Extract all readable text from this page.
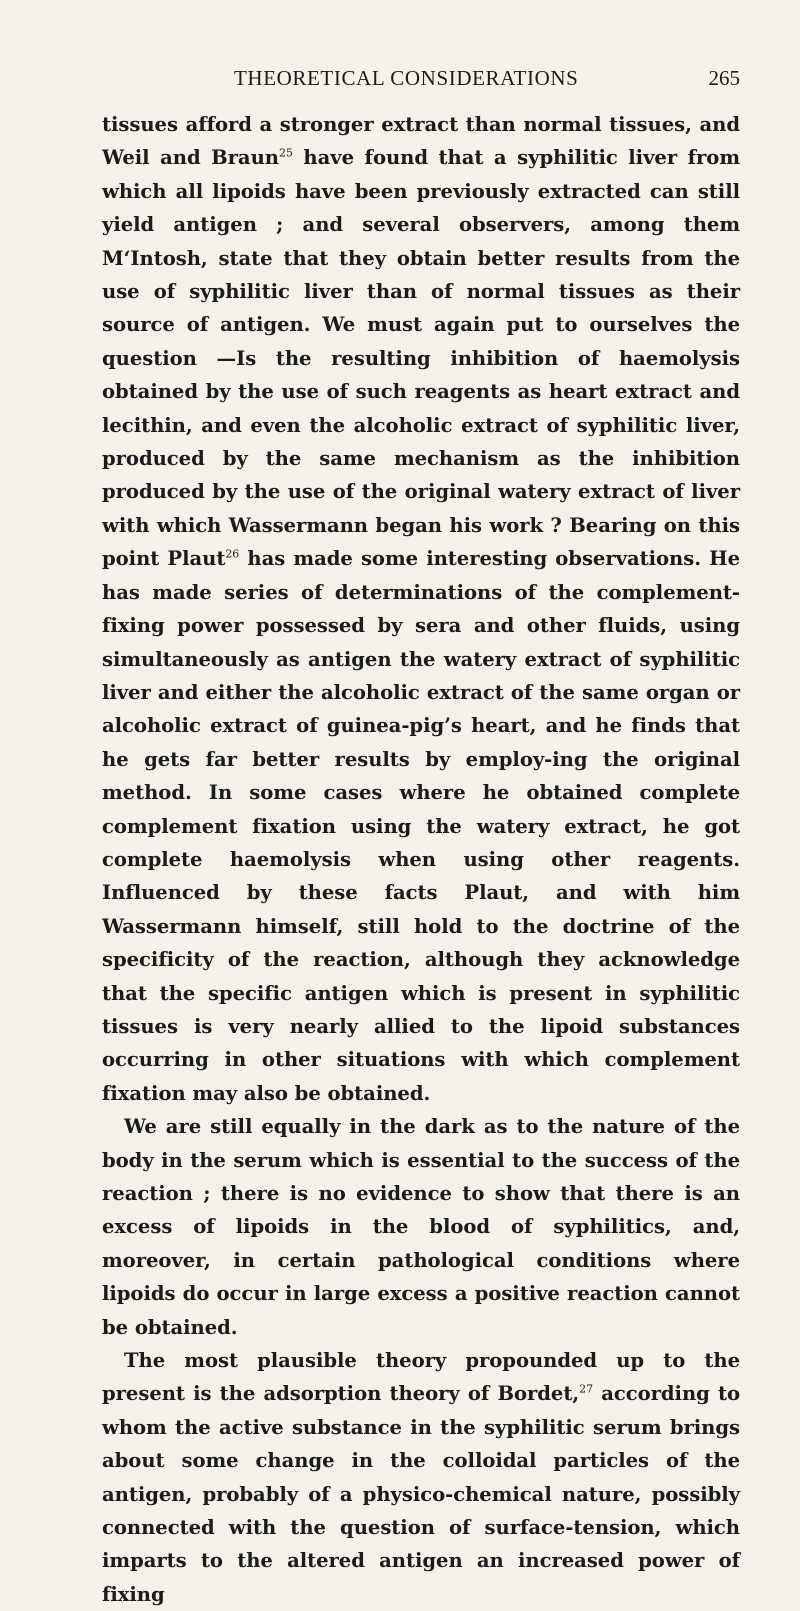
THEORETICAL CONSIDERATIONS	265

tissues afford a stronger extract than normal tissues, and Weil and Braun$^{25}$ have found that a syphilitic liver from which all lipoids have been previously extracted can still yield antigen ; and several observers, among them M‘Intosh, state that they obtain better results from the use of syphilitic liver than of normal tissues as their source of antigen. We must again put to ourselves the question —Is the resulting inhibition of haemolysis obtained by the use of such reagents as heart extract and lecithin, and even the alcoholic extract of syphilitic liver, produced by the same mechanism as the inhibition produced by the use of the original watery extract of liver with which Wassermann began his work ? Bearing on this point Plaut$^{26}$ has made some interesting observations. He has made series of determinations of the complement-fixing power possessed by sera and other fluids, using simultaneously as antigen the watery extract of syphilitic liver and either the alcoholic extract of the same organ or alcoholic extract of guinea-pig’s heart, and he finds that he gets far better results by employ-ing the original method. In some cases where he obtained complete complement fixation using the watery extract, he got complete haemolysis when using other reagents. Influenced by these facts Plaut, and with him Wassermann himself, still hold to the doctrine of the specificity of the reaction, although they acknowledge that the specific antigen which is present in syphilitic tissues is very nearly allied to the lipoid substances occurring in other situations with which complement fixation may also be obtained.

We are still equally in the dark as to the nature of the body in the serum which is essential to the success of the reaction ; there is no evidence to show that there is an excess of lipoids in the blood of syphilitics, and, moreover, in certain pathological conditions where lipoids do occur in large excess a positive reaction cannot be obtained.

The most plausible theory propounded up to the present is the adsorption theory of Bordet,$^{27}$ according to whom the active substance in the syphilitic serum brings about some change in the colloidal particles of the antigen, probably of a physico-chemical nature, possibly connected with the question of surface-tension, which imparts to the altered antigen an increased power of fixing
